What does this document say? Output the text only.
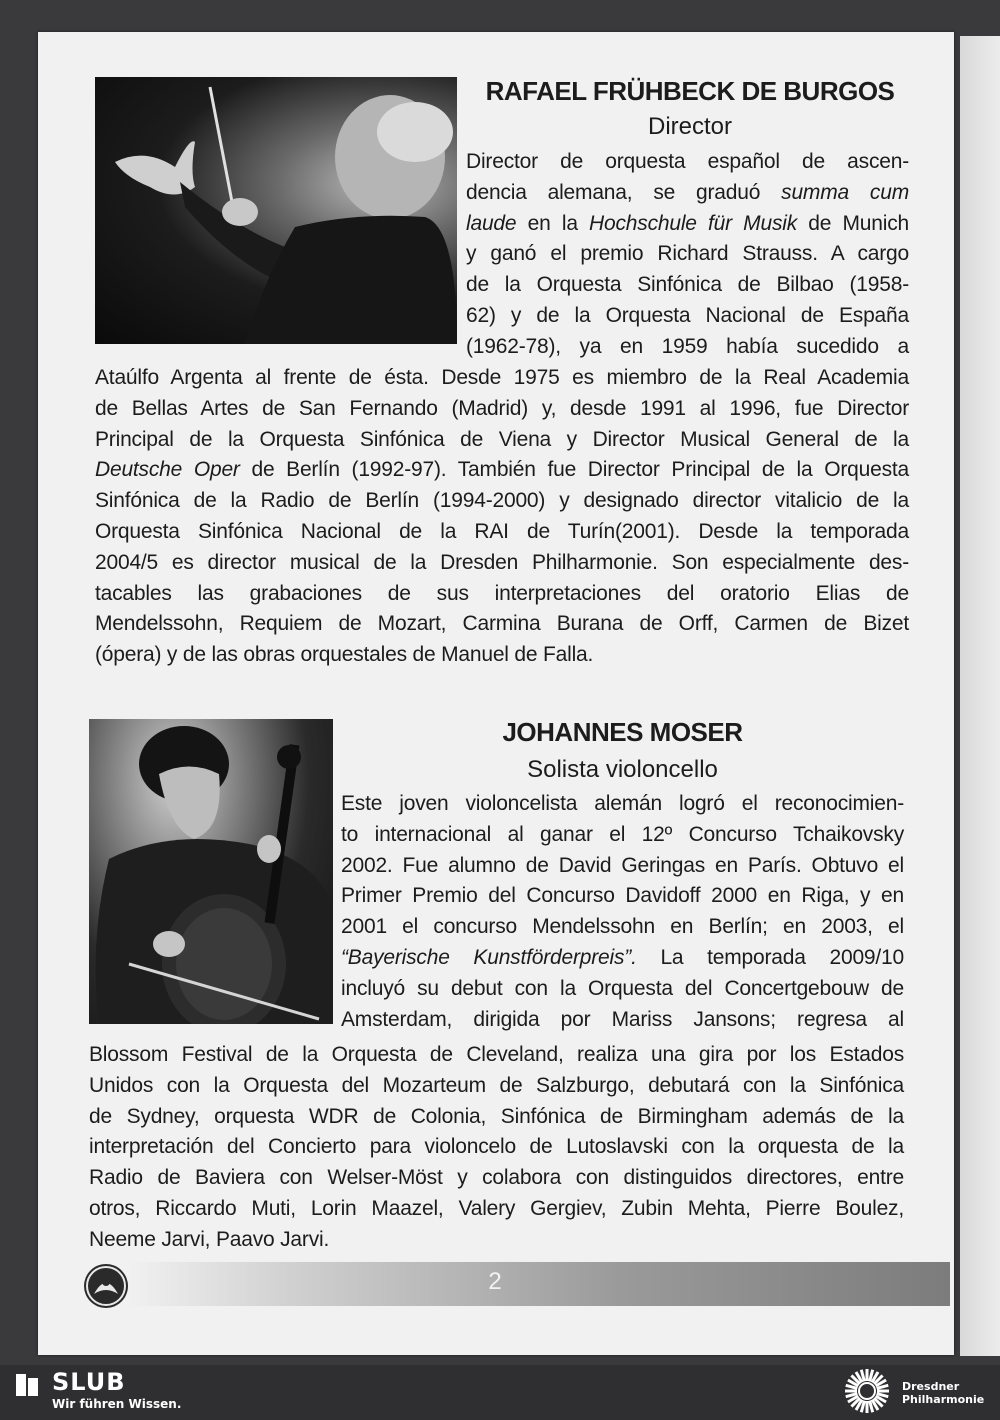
RAFAEL FRÜHBECK DE BURGOS
Director
Director de orquesta español de ascen-
dencia alemana, se graduó summa cum
laude en la Hochschule für Musik de Munich
y ganó el premio Richard Strauss. A cargo
de la Orquesta Sinfónica de Bilbao (1958-
62) y de la Orquesta Nacional de España
(1962-78), ya en 1959 había sucedido a
Ataúlfo Argenta al frente de ésta. Desde 1975 es miembro de la Real Academia
de Bellas Artes de San Fernando (Madrid) y, desde 1991 al 1996, fue Director
Principal de la Orquesta Sinfónica de Viena y Director Musical General de la
Deutsche Oper de Berlín (1992-97). También fue Director Principal de la Orquesta
Sinfónica de la Radio de Berlín (1994-2000) y designado director vitalicio de la
Orquesta Sinfónica Nacional de la RAI de Turín(2001). Desde la temporada
2004/5 es director musical de la Dresden Philharmonie. Son especialmente des-
tacables las grabaciones de sus interpretaciones del oratorio Elias de
Mendelssohn, Requiem de Mozart, Carmina Burana de Orff, Carmen de Bizet
(ópera) y de las obras orquestales de Manuel de Falla.
JOHANNES MOSER
Solista violoncello
Este joven violoncelista alemán logró el reconocimien-
to internacional al ganar el 12º Concurso Tchaikovsky
2002. Fue alumno de David Geringas en París. Obtuvo el
Primer Premio del Concurso Davidoff 2000 en Riga, y en
2001 el concurso Mendelssohn en Berlín; en 2003, el
“Bayerische Kunstförderpreis”. La temporada 2009/10
incluyó su debut con la Orquesta del Concertgebouw de
Amsterdam, dirigida por Mariss Jansons; regresa al
Blossom Festival de la Orquesta de Cleveland, realiza una gira por los Estados
Unidos con la Orquesta del Mozarteum de Salzburgo, debutará con la Sinfónica
de Sydney, orquesta WDR de Colonia, Sinfónica de Birmingham además de la
interpretación del Concierto para violoncelo de Lutoslavski con la orquesta de la
Radio de Baviera con Welser-Möst y colabora con distinguidos directores, entre
otros, Riccardo Muti, Lorin Maazel, Valery Gergiev, Zubin Mehta, Pierre Boulez,
Neeme Jarvi, Paavo Jarvi.
2
SLUB
Wir führen Wissen.
Dresdner
Philharmonie
